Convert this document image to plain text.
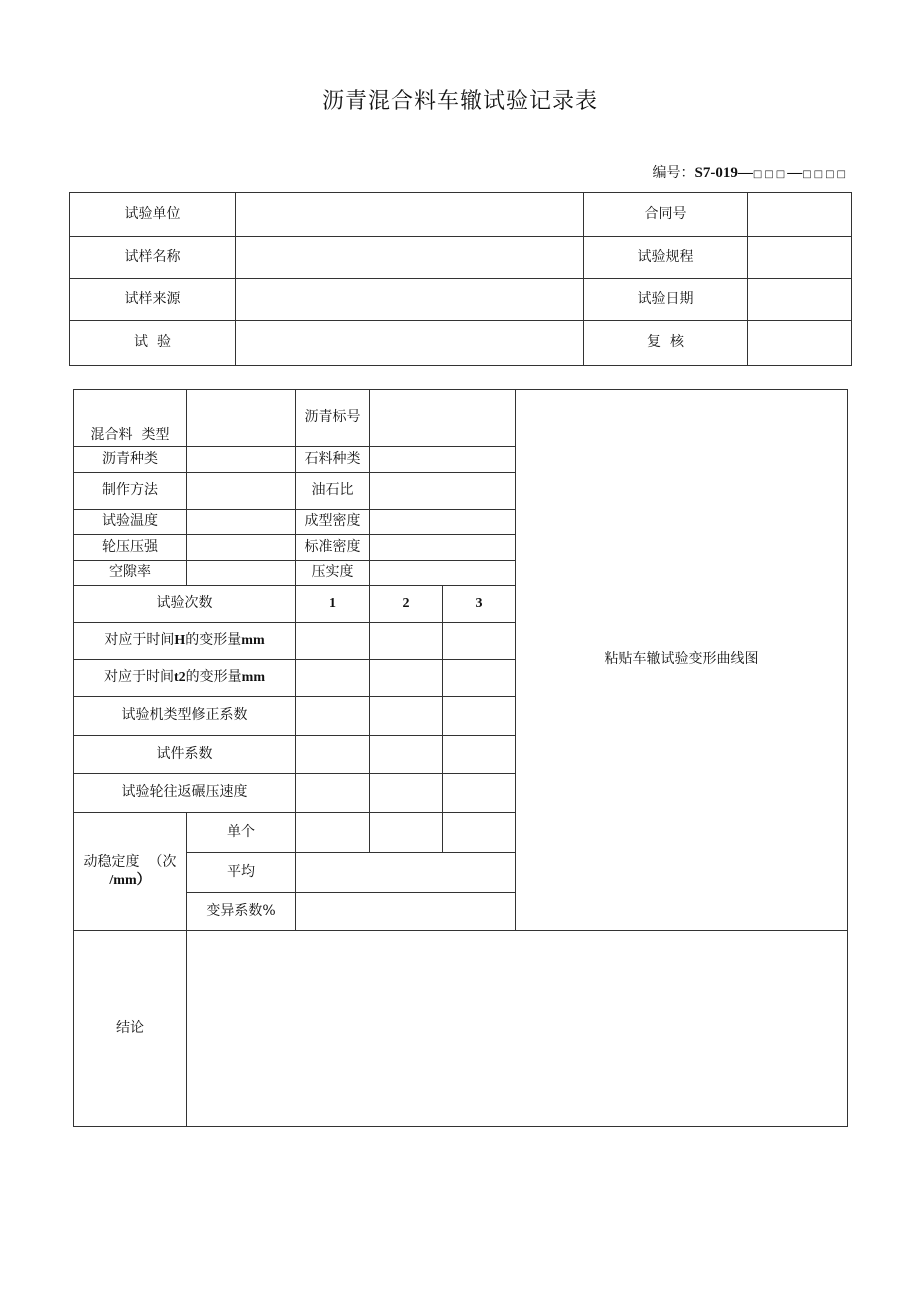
沥青混合料车辙试验记录表
编号：S7-019—□□□—□□□□
试验单位		合同号	
试样名称		试验规程	
试样来源		试验日期	
试  验		复  核	
混合料  类型		沥青标号			粘贴车辙试验变形曲线图
沥青种类		石料种类			
制作方法		油石比			
试验温度		成型密度			
轮压压强		标准密度			
空隙率		压实度			
试验次数		1	2	3	
对应于时间H的变形量mm					
对应于时间t2的变形量mm					
试验机类型修正系数					
试件系数					
试验轮往返碾压速度					
动稳定度  （次
/mm）	单个				
	平均				
	变异系数%				
结论					
